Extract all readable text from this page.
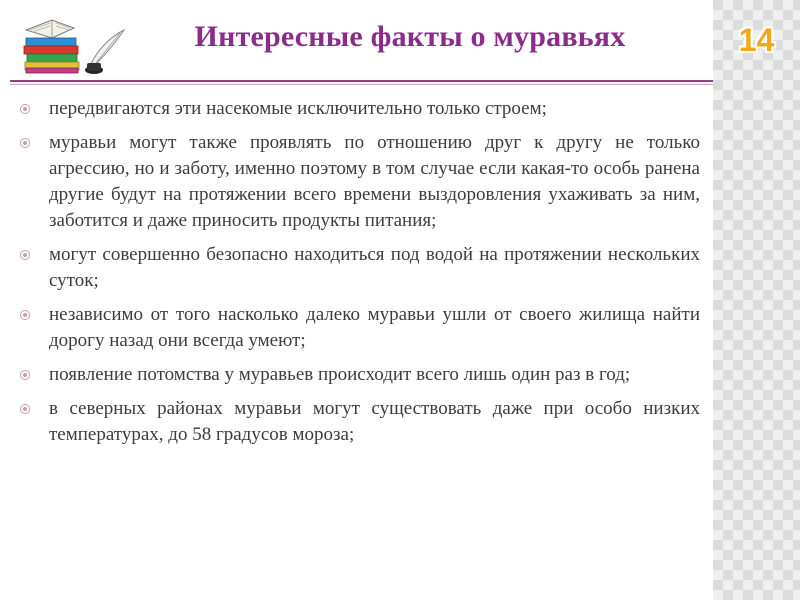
14
Интересные факты о муравьях
передвигаются эти насекомые исключительно только строем;
муравьи могут также проявлять по отношению друг к другу не только агрессию, но и заботу, именно поэтому в том случае если какая-то особь ранена другие будут на протяжении всего времени выздоровления ухаживать за ним, заботится и даже приносить продукты питания;
могут совершенно безопасно находиться под водой на протяжении нескольких суток;
независимо от того насколько далеко муравьи ушли от своего жилища найти дорогу назад они всегда умеют;
появление потомства у муравьев происходит всего лишь один раз в год;
в северных районах муравьи могут существовать даже при особо низких температурах, до 58 градусов мороза;
